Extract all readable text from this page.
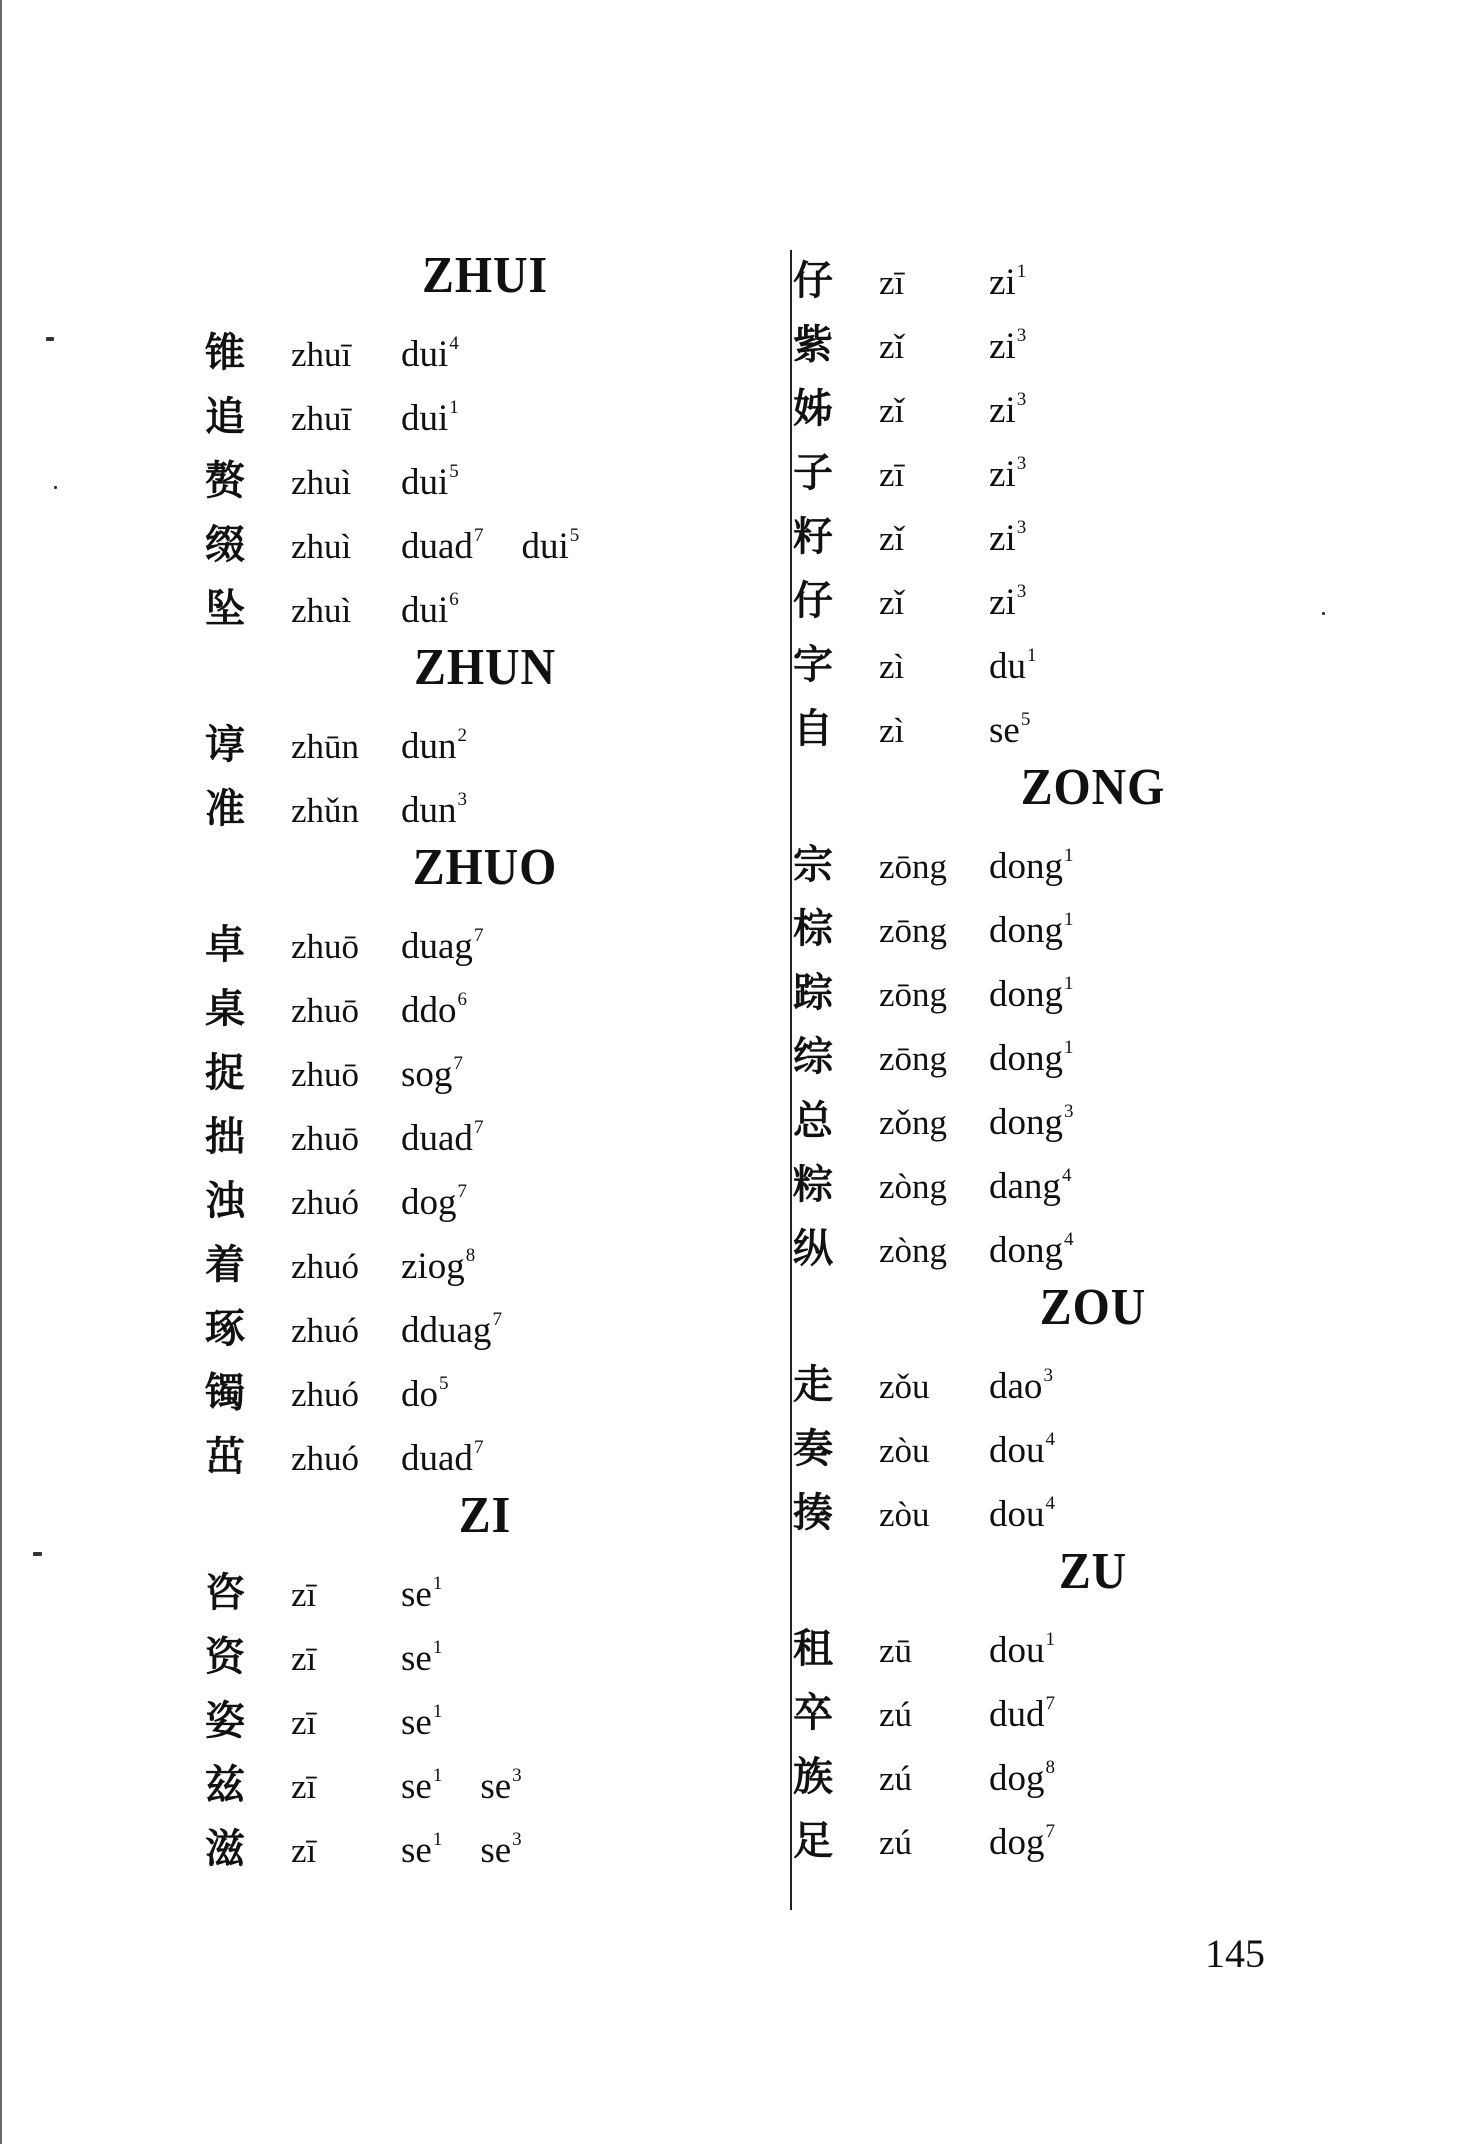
ZHUI
锥	zhuī	dui$^4$
追	zhuī	dui$^1$
赘	zhuì	dui$^5$
缀	zhuì	duad$^7$ dui$^5$
坠	zhuì	dui$^6$
ZHUN
谆	zhūn	dun$^2$
准	zhǔn	dun$^3$
ZHUO
卓	zhuō	duag$^7$
桌	zhuō	ddo$^6$
捉	zhuō	sog$^7$
拙	zhuō	duad$^7$
浊	zhuó	dog$^7$
着	zhuó	ziog$^8$
琢	zhuó	dduag$^7$
镯	zhuó	$do^5$
茁	zhuó	duad$^7$
ZI
咨	zī	$se^1$
资	zī	$se^1$
姿	zī	$se^1$
兹	zī	$se^1$ $se^3$
滋	zī	$se^1$ $se^3$
仔	zī	$zi^1$
紫	zǐ	$zi^3$
姊	zǐ	$zi^3$
子	zī	$zi^3$
籽	zǐ	$zi^3$
仔	zǐ	$zi^3$
字	zì	$du^1$
自	zì	$se^5$
ZONG
宗	zōng	dong$^1$
棕	zōng	dong$^1$
踪	zōng	dong$^1$
综	zōng	dong$^1$
总	zǒng	dong$^3$
粽	zòng	dang$^4$
纵	zòng	dong$^4$
ZOU
走	zǒu	dao$^3$
奏	zòu	dou$^4$
揍	zòu	dou$^4$
ZU
租	zū	dou$^1$
卒	zú	dud$^7$
族	zú	dog$^8$
足	zú	dog$^7$
145
